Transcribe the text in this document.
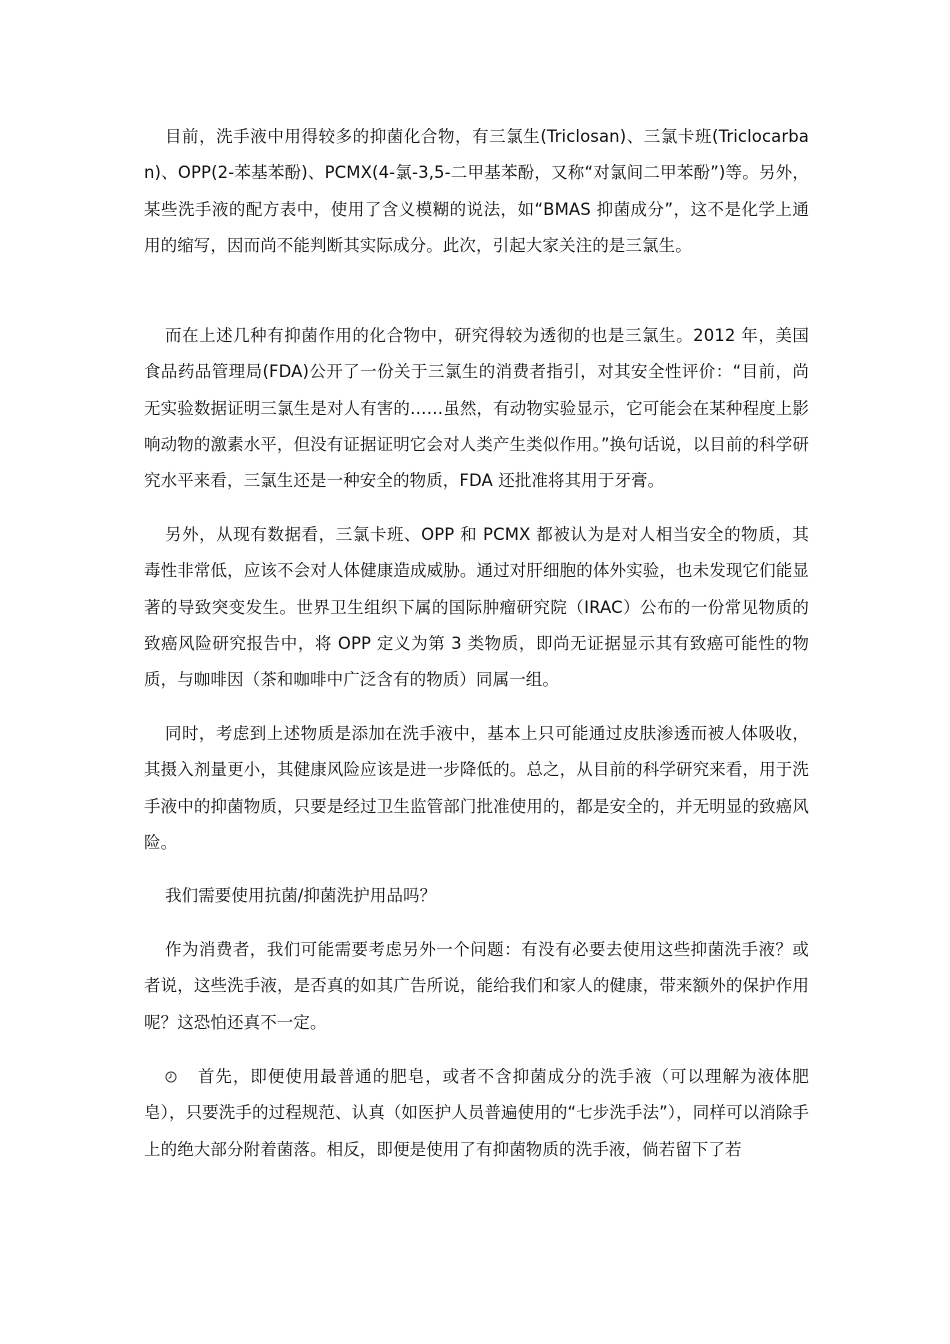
目前，洗手液中用得较多的抑菌化合物，有三氯生(Triclosan)、三氯卡班(Triclocarban)、OPP(2-苯基苯酚)、PCMX(4-氯-3,5-二甲基苯酚，又称“对氯间二甲苯酚”)等。另外，某些洗手液的配方表中，使用了含义模糊的说法，如“BMAS 抑菌成分”，这不是化学上通用的缩写，因而尚不能判断其实际成分。此次，引起大家关注的是三氯生。

而在上述几种有抑菌作用的化合物中，研究得较为透彻的也是三氯生。2012 年，美国食品药品管理局(FDA)公开了一份关于三氯生的消费者指引，对其安全性评价：“目前，尚无实验数据证明三氯生是对人有害的……虽然，有动物实验显示，它可能会在某种程度上影响动物的激素水平，但没有证据证明它会对人类产生类似作用。”换句话说，以目前的科学研究水平来看，三氯生还是一种安全的物质，FDA 还批准将其用于牙膏。

另外，从现有数据看，三氯卡班、OPP 和 PCMX 都被认为是对人相当安全的物质，其毒性非常低，应该不会对人体健康造成威胁。通过对肝细胞的体外实验，也未发现它们能显著的导致突变发生。世界卫生组织下属的国际肿瘤研究院（IRAC）公布的一份常见物质的致癌风险研究报告中，将 OPP 定义为第 3 类物质，即尚无证据显示其有致癌可能性的物质，与咖啡因（茶和咖啡中广泛含有的物质）同属一组。

同时，考虑到上述物质是添加在洗手液中，基本上只可能通过皮肤渗透而被人体吸收，其摄入剂量更小，其健康风险应该是进一步降低的。总之，从目前的科学研究来看，用于洗手液中的抑菌物质，只要是经过卫生监管部门批准使用的，都是安全的，并无明显的致癌风险。

我们需要使用抗菌/抑菌洗护用品吗？

作为消费者，我们可能需要考虑另外一个问题：有没有必要去使用这些抑菌洗手液？或者说，这些洗手液，是否真的如其广告所说，能给我们和家人的健康，带来额外的保护作用呢？这恐怕还真不一定。

首先，即便使用最普通的肥皂，或者不含抑菌成分的洗手液（可以理解为液体肥皂），只要洗手的过程规范、认真（如医护人员普遍使用的“七步洗手法”），同样可以消除手上的绝大部分附着菌落。相反，即便是使用了有抑菌物质的洗手液，倘若留下了若
